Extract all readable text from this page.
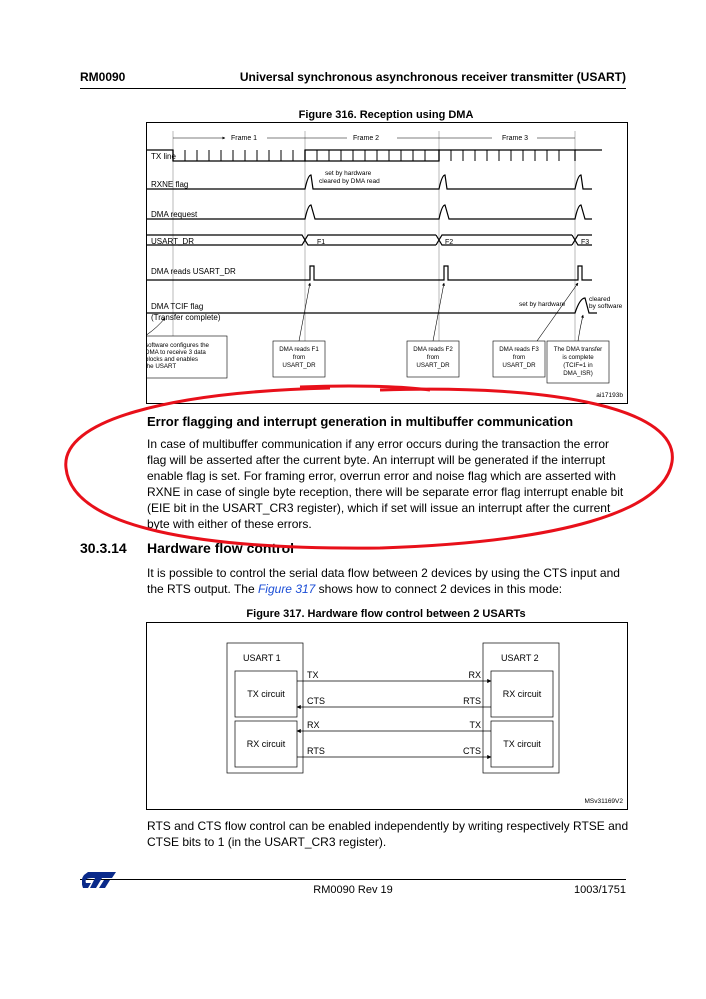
RM0090	Universal synchronous asynchronous receiver transmitter (USART)
Figure 316. Reception using DMA
Frame 1	Frame 2	Frame 3
TX line
RXNE flag
DMA request
USART_DR
DMA reads USART_DR
DMA TCIF flag
(Transfer complete)
set by hardware
cleared by DMA read
F1	F2	F3
set by hardware
cleared
by software
software configures the
DMA to receive 3 data
blocks and enables
the USART
DMA reads F1
from
USART_DR
DMA reads F2
from
USART_DR
DMA reads F3
from
USART_DR
The DMA transfer
is complete
(TCIF=1 in
DMA_ISR)
ai17193b
Error flagging and interrupt generation in multibuffer communication
In case of multibuffer communication if any error occurs during the transaction the error flag will be asserted after the current byte. An interrupt will be generated if the interrupt enable flag is set. For framing error, overrun error and noise flag which are asserted with RXNE in case of single byte reception, there will be separate error flag interrupt enable bit (EIE bit in the USART_CR3 register), which if set will issue an interrupt after the current byte with either of these errors.
30.3.14 Hardware flow control
It is possible to control the serial data flow between 2 devices by using the CTS input and the RTS output. The Figure 317 shows how to connect 2 devices in this mode:
Figure 317. Hardware flow control between 2 USARTs
USART 1	USART 2
TX circuit
RX circuit
RX circuit
TX circuit
TX
CTS
RX
RTS
RX
RTS
TX
CTS
MSv31169V2
RTS and CTS flow control can be enabled independently by writing respectively RTSE and CTSE bits to 1 (in the USART_CR3 register).
RM0090 Rev 19	1003/1751
